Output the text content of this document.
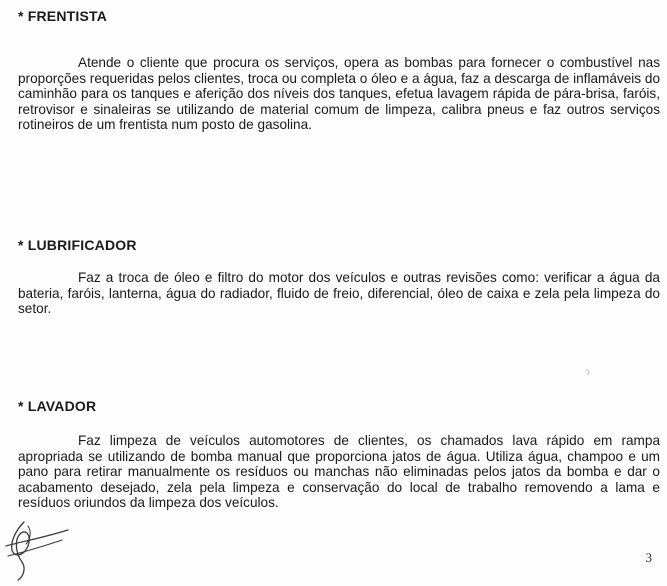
* FRENTISTA

Atende o cliente que procura os serviços, opera as bombas para fornecer o combustível nas proporções requeridas pelos clientes, troca ou completa o óleo e a água, faz a descarga de inflamáveis do caminhão para os tanques e aferição dos níveis dos tanques, efetua lavagem rápida de pára-brisa, faróis, retrovisor e sinaleiras se utilizando de material comum de limpeza, calibra pneus e faz outros serviços rotineiros de um frentista num posto de gasolina.

* LUBRIFICADOR

Faz a troca de óleo e filtro do motor dos veículos e outras revisões como: verificar a água da bateria, faróis, lanterna, água do radiador, fluido de freio, diferencial, óleo de caixa e zela pela limpeza do setor.

* LAVADOR

Faz limpeza de veículos automotores de clientes, os chamados lava rápido em rampa apropriada se utilizando de bomba manual que proporciona jatos de água. Utiliza água, champoo e um pano para retirar manualmente os resíduos ou manchas não eliminadas pelos jatos da bomba e dar o acabamento desejado, zela pela limpeza e conservação do local de trabalho removendo a lama e resíduos oriundos da limpeza dos veículos.

3
